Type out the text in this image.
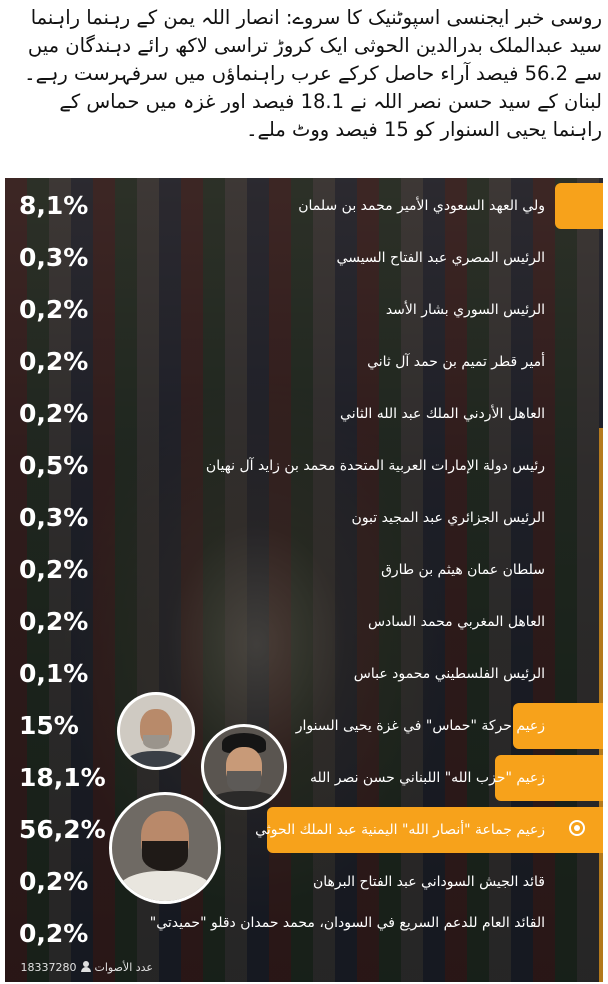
روسی خبر ایجنسی اسپوٹنیک کا سروے: انصار اللہ یمن کے رہنما راہنما سید عبدالملک بدرالدین الحوثی ایک کروڑ تراسی لاکھ رائے دہندگان میں سے 56.2 فیصد آراء حاصل کرکے عرب راہنماؤں میں سرفہرست رہے۔ لبنان کے سید حسن نصر اللہ نے 18.1 فیصد اور غزہ میں حماس کے راہنما یحیی السنوار کو 15 فیصد ووٹ ملے۔
8,1%	ولي العهد السعودي الأمير محمد بن سلمان
0,3%	الرئيس المصري عبد الفتاح السيسي
0,2%	الرئيس السوري بشار الأسد
0,2%	أمير قطر تميم بن حمد آل ثاني
0,2%	العاهل الأردني الملك عبد الله الثاني
0,5%	رئيس دولة الإمارات العربية المتحدة محمد بن زايد آل نهيان
0,3%	الرئيس الجزائري عبد المجيد تبون
0,2%	سلطان عمان هيثم بن طارق
0,2%	العاهل المغربي محمد السادس
0,1%	الرئيس الفلسطيني محمود عباس
15%	زعيم حركة "حماس" في غزة يحيى السنوار
18,1%	زعيم "حزب الله" اللبناني حسن نصر الله
56,2%	زعيم جماعة "أنصار الله" اليمنية عبد الملك الحوثي
0,2%	قائد الجيش السوداني عبد الفتاح البرهان
0,2%	القائد العام للدعم السريع في السودان، محمد حمدان دقلو "حميدتي"
عدد الأصوات18337280
